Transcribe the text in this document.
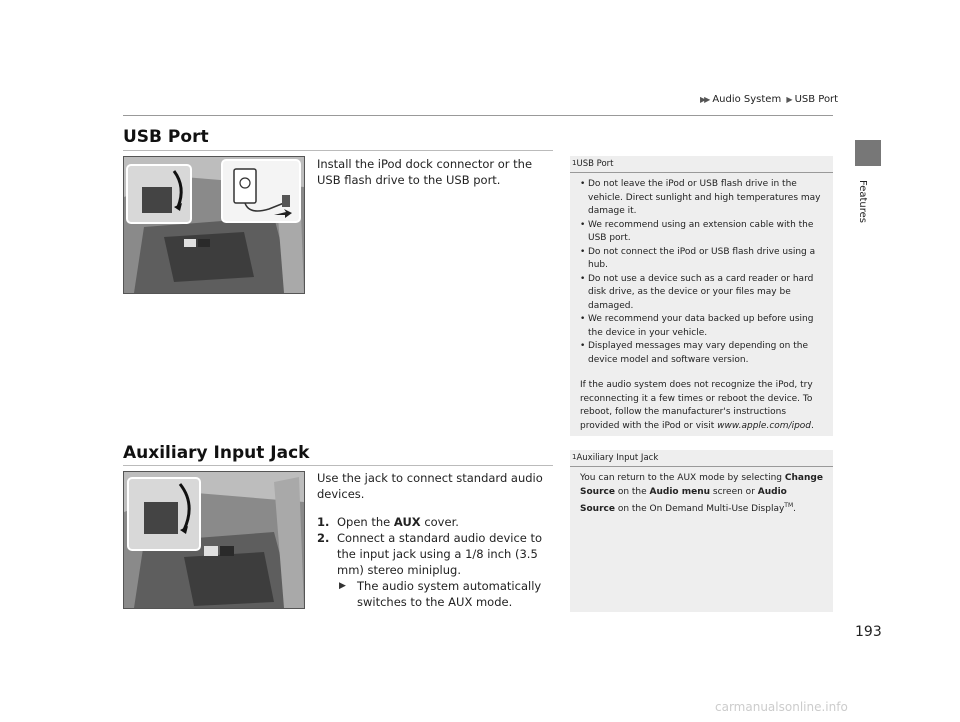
▶▶ Audio System ▶ USB Port
Features
USB Port
Install the iPod dock connector or the USB flash drive to the USB port.
$^1$USB Port
• Do not leave the iPod or USB flash drive in the vehicle. Direct sunlight and high temperatures may damage it.
• We recommend using an extension cable with the USB port.
• Do not connect the iPod or USB flash drive using a hub.
• Do not use a device such as a card reader or hard disk drive, as the device or your files may be damaged.
• We recommend your data backed up before using the device in your vehicle.
• Displayed messages may vary depending on the device model and software version.

If the audio system does not recognize the iPod, try reconnecting it a few times or reboot the device. To reboot, follow the manufacturer's instructions provided with the iPod or visit www.apple.com/ipod.

Auxiliary Input Jack

Use the jack to connect standard audio devices.

1. Open the AUX cover.
2. Connect a standard audio device to the input jack using a 1/8 inch (3.5 mm) stereo miniplug.
▶ The audio system automatically switches to the AUX mode.
$^1$Auxiliary Input Jack

You can return to the AUX mode by selecting Change Source on the Audio menu screen or Audio Source on the On Demand Multi-Use Display™.

193
carmanualsonline.info
